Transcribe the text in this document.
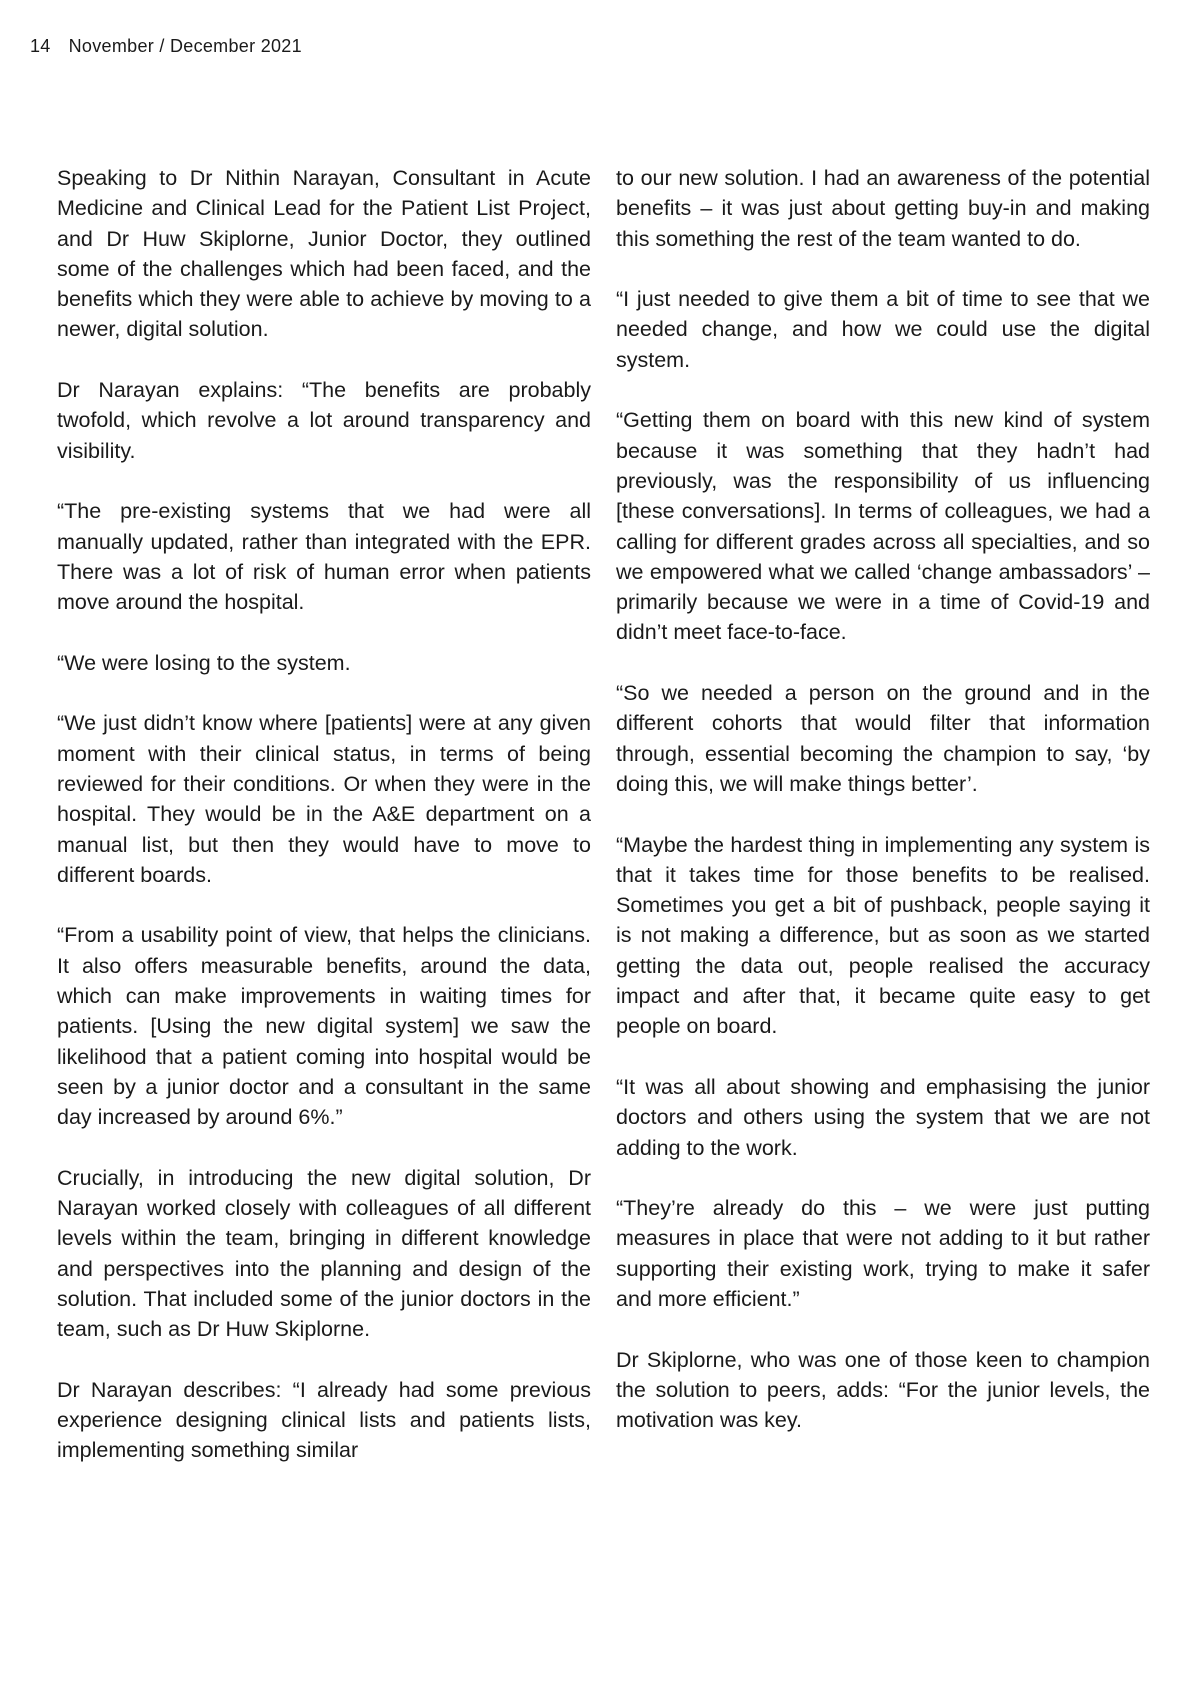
14 November / December 2021

Speaking to Dr Nithin Narayan, Consultant in Acute Medicine and Clinical Lead for the Patient List Project, and Dr Huw Skiplorne, Junior Doctor, they outlined some of the challenges which had been faced, and the benefits which they were able to achieve by moving to a newer, digital solution.

Dr Narayan explains: “The benefits are probably twofold, which revolve a lot around transparency and visibility.

“The pre-existing systems that we had were all manually updated, rather than integrated with the EPR. There was a lot of risk of human error when patients move around the hospital.

“We were losing to the system.

“We just didn’t know where [patients] were at any given moment with their clinical status, in terms of being reviewed for their conditions. Or when they were in the hospital. They would be in the A&E department on a manual list, but then they would have to move to different boards.

“From a usability point of view, that helps the clinicians. It also offers measurable benefits, around the data, which can make improvements in waiting times for patients. [Using the new digital system] we saw the likelihood that a patient coming into hospital would be seen by a junior doctor and a consultant in the same day increased by around 6%.”

Crucially, in introducing the new digital solution, Dr Narayan worked closely with colleagues of all different levels within the team, bringing in different knowledge and perspectives into the planning and design of the solution. That included some of the junior doctors in the team, such as Dr Huw Skiplorne.

Dr Narayan describes: “I already had some previous experience designing clinical lists and patients lists, implementing something similar

to our new solution. I had an awareness of the potential benefits – it was just about getting buy-in and making this something the rest of the team wanted to do.

“I just needed to give them a bit of time to see that we needed change, and how we could use the digital system.

“Getting them on board with this new kind of system because it was something that they hadn’t had previously, was the responsibility of us influencing [these conversations]. In terms of colleagues, we had a calling for different grades across all specialties, and so we empowered what we called ‘change ambassadors’ – primarily because we were in a time of Covid-19 and didn’t meet face-to-face.

“So we needed a person on the ground and in the different cohorts that would filter that information through, essential becoming the champion to say, ‘by doing this, we will make things better’.

“Maybe the hardest thing in implementing any system is that it takes time for those benefits to be realised. Sometimes you get a bit of pushback, people saying it is not making a difference, but as soon as we started getting the data out, people realised the accuracy impact and after that, it became quite easy to get people on board.

“It was all about showing and emphasising the junior doctors and others using the system that we are not adding to the work.

“They’re already do this – we were just putting measures in place that were not adding to it but rather supporting their existing work, trying to make it safer and more efficient.”

Dr Skiplorne, who was one of those keen to champion the solution to peers, adds: “For the junior levels, the motivation was key.
